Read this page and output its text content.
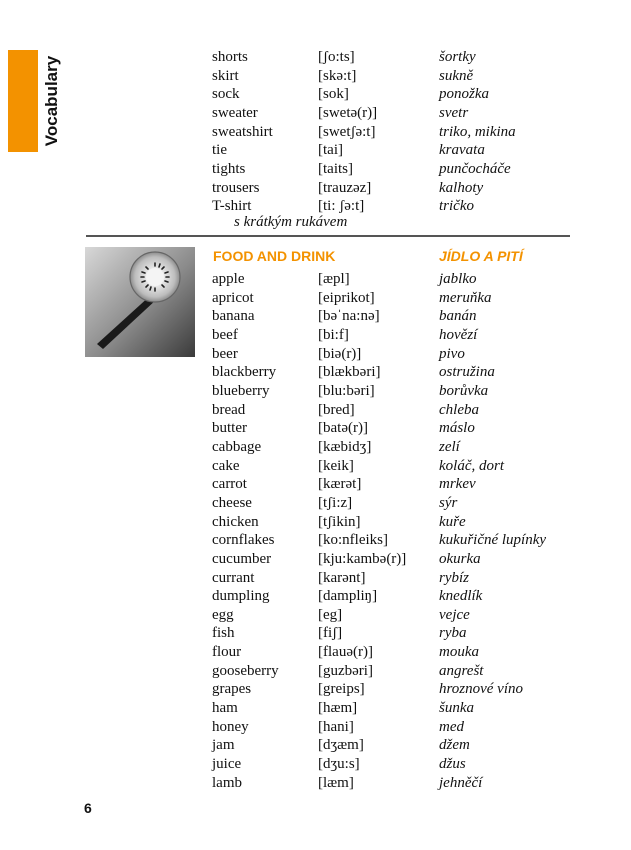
Vocabulary	shorts	[ʃo:ts]	šortky
skirt	[skə:t]	sukně
sock	[sok]	ponožka
sweater	[swetə(r)]	svetr
sweatshirt	[swetʃə:t]	triko, mikina
tie	[tai]	kravata
tights	[taits]	punčocháče
trousers	[trauzəz]	kalhoty
T-shirt	[ti: ʃə:t]	tričko
s krátkým rukávem
FOOD AND DRINK	JÍDLO A PITÍ
apple	[æpl]	jablko
apricot	[eiprikot]	meruňka
banana	[bəˈna:nə]	banán
beef	[bi:f]	hovězí
beer	[biə(r)]	pivo
blackberry	[blækbəri]	ostružina
blueberry	[blu:bəri]	borůvka
bread	[bred]	chleba
butter	[batə(r)]	máslo
cabbage	[kæbidʒ]	zelí
cake	[keik]	koláč, dort
carrot	[kærət]	mrkev
cheese	[tʃi:z]	sýr
chicken	[tʃikin]	kuře
cornflakes	[ko:nfleiks]	kukuřičné lupínky
cucumber	[kju:kambə(r)] okurka
currant	[karənt]	rybíz
dumpling	[dampliŋ]	knedlík
egg	[eg]	vejce
fish	[fiʃ]	ryba
flour	[flauə(r)]	mouka
gooseberry	[guzbəri]	angrešt
grapes	[greips]	hroznové víno
ham	[hæm]	šunka
honey	[hani]	med
jam	[dʒæm]	džem
juice	[dʒu:s]	džus
lamb	[læm]	jehněčí
6
